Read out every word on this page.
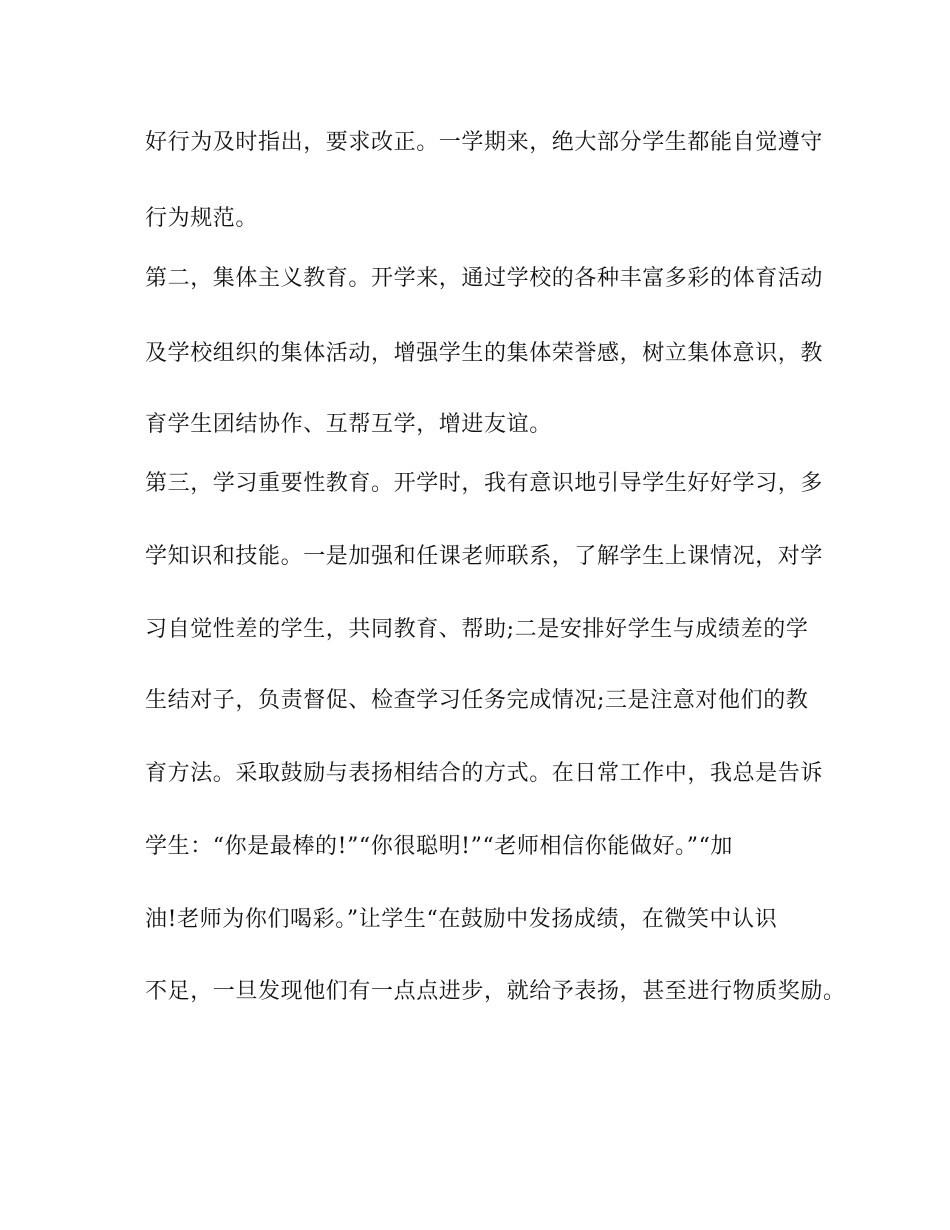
好行为及时指出，要求改正。一学期来，绝大部分学生都能自觉遵守
行为规范。
第二，集体主义教育。开学来，通过学校的各种丰富多彩的体育活动
及学校组织的集体活动，增强学生的集体荣誉感，树立集体意识，教
育学生团结协作、互帮互学，增进友谊。
第三，学习重要性教育。开学时，我有意识地引导学生好好学习，多
学知识和技能。一是加强和任课老师联系，了解学生上课情况，对学
习自觉性差的学生，共同教育、帮助;二是安排好学生与成绩差的学
生结对子，负责督促、检查学习任务完成情况;三是注意对他们的教
育方法。采取鼓励与表扬相结合的方式。在日常工作中，我总是告诉
学生：“你是最棒的!”“你很聪明!”“老师相信你能做好。”“加
油!老师为你们喝彩。”让学生“在鼓励中发扬成绩，在微笑中认识
不足，一旦发现他们有一点点进步，就给予表扬，甚至进行物质奖励。
